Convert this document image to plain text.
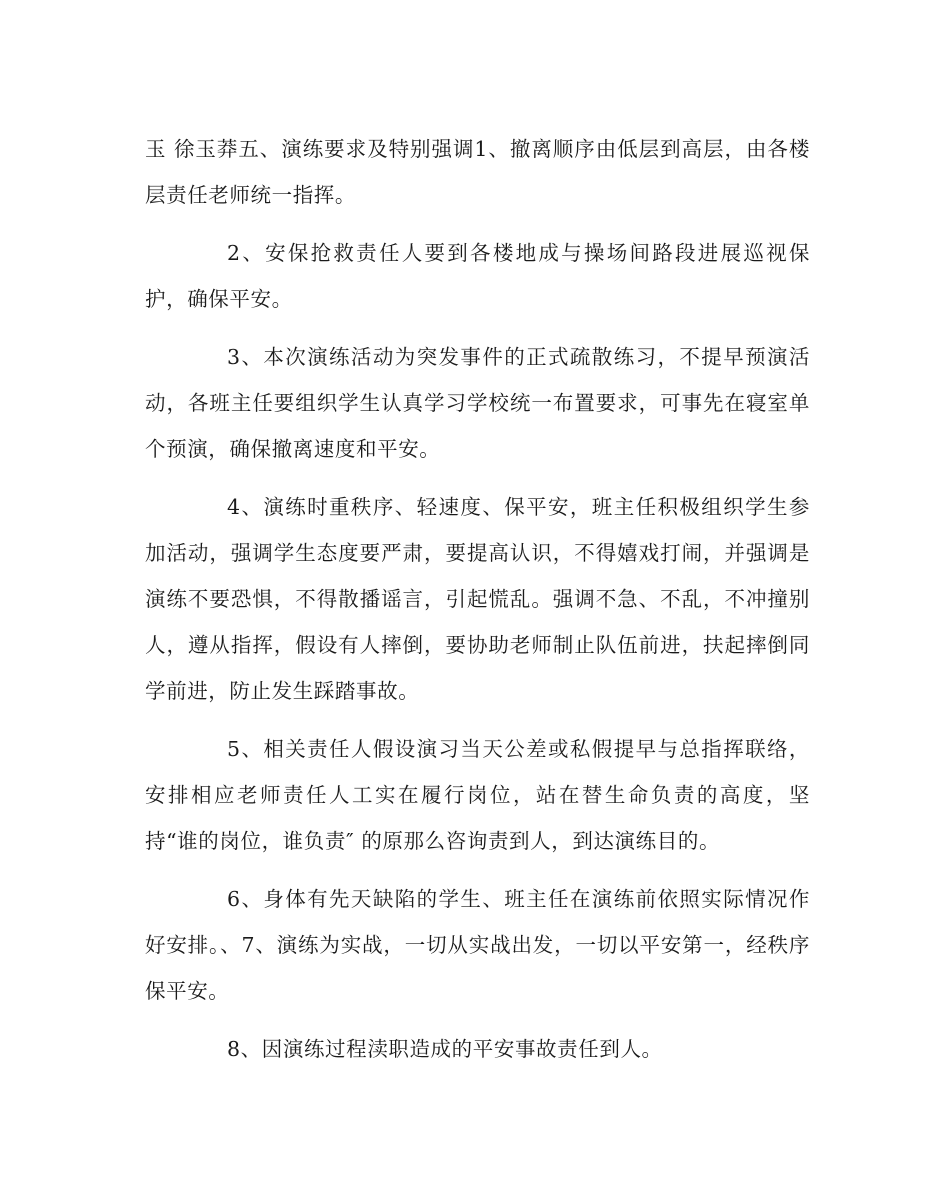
玉 徐玉莽五、演练要求及特别强调1、撤离顺序由低层到高层，由各楼层责任老师统一指挥。

2、安保抢救责任人要到各楼地成与操场间路段进展巡视保护，确保平安。

3、本次演练活动为突发事件的正式疏散练习，不提早预演活动，各班主任要组织学生认真学习学校统一布置要求，可事先在寝室单个预演，确保撤离速度和平安。

4、演练时重秩序、轻速度、保平安，班主任积极组织学生参加活动，强调学生态度要严肃，要提高认识，不得嬉戏打闹，并强调是演练不要恐惧，不得散播谣言，引起慌乱。强调不急、不乱，不冲撞别人，遵从指挥，假设有人摔倒，要协助老师制止队伍前进，扶起摔倒同学前进，防止发生踩踏事故。

5、相关责任人假设演习当天公差或私假提早与总指挥联络，安排相应老师责任人工实在履行岗位，站在替生命负责的高度，坚持“谁的岗位，谁负责″ 的原那么咨询责到人，到达演练目的。

6、身体有先天缺陷的学生、班主任在演练前依照实际情况作好安排。、7、演练为实战，一切从实战出发，一切以平安第一，经秩序保平安。

8、因演练过程渎职造成的平安事故责任到人。
